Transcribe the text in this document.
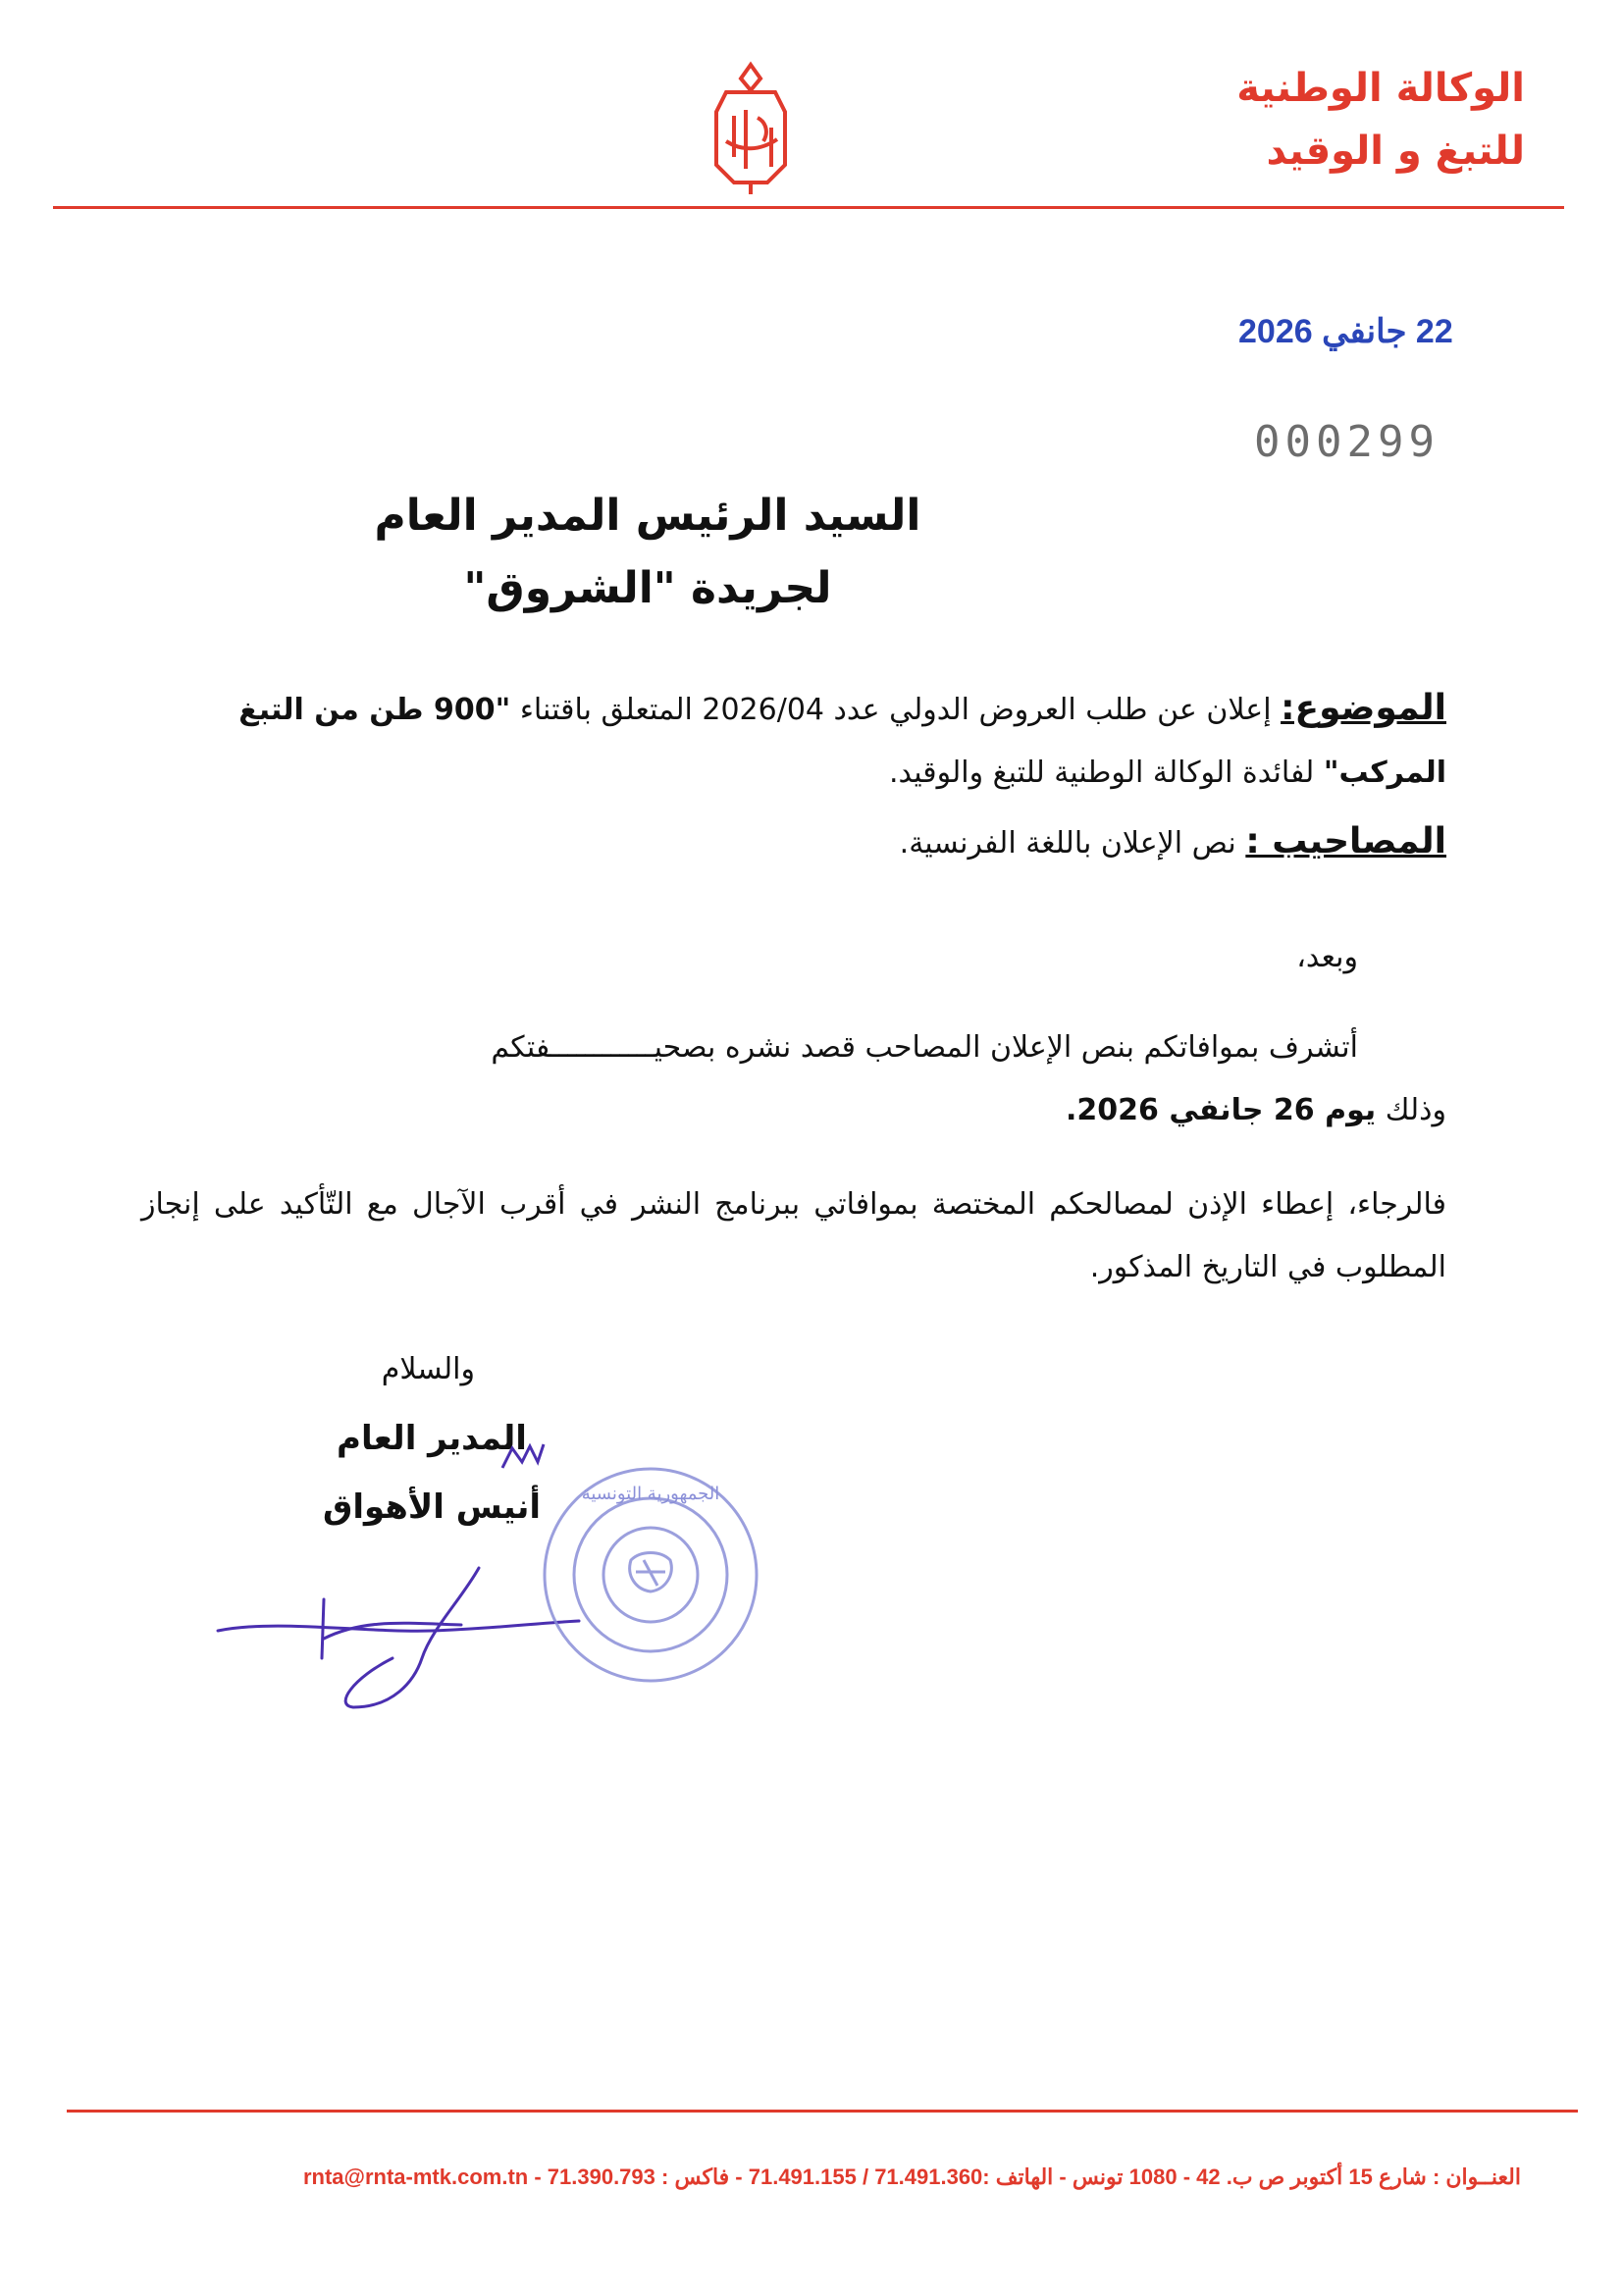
الوكالة الوطنية
للتبغ و الوقيد
22 جانفي 2026
000299
السيد الرئيس المدير العام
لجريدة "الشروق"
الموضوع: إعلان عن طلب العروض الدولي عدد 2026/04 المتعلق باقتناء "900 طن من التبغ المركب" لفائدة الوكالة الوطنية للتبغ والوقيد.
المصاحيب : نص الإعلان باللغة الفرنسية.
وبعد،
أتشرف بموافاتكم بنص الإعلان المصاحب قصد نشره بصحيــــــــــــفتكم
وذلك يوم 26 جانفي 2026.
فالرجاء، إعطاء الإذن لمصالحكم المختصة بموافاتي ببرنامج النشر في أقرب الآجال مع التّأكيد على إنجاز المطلوب في التاريخ المذكور.
والسلام
المدير العام
أنيس الأهواق	الجمهورية التونسية
العنــوان : شارع 15 أكتوبر ص ب. 42 - 1080 تونس - الهاتف :71.491.360 / 71.491.155 - فاكس : 71.390.793 - rnta@rnta-mtk.com.tn
